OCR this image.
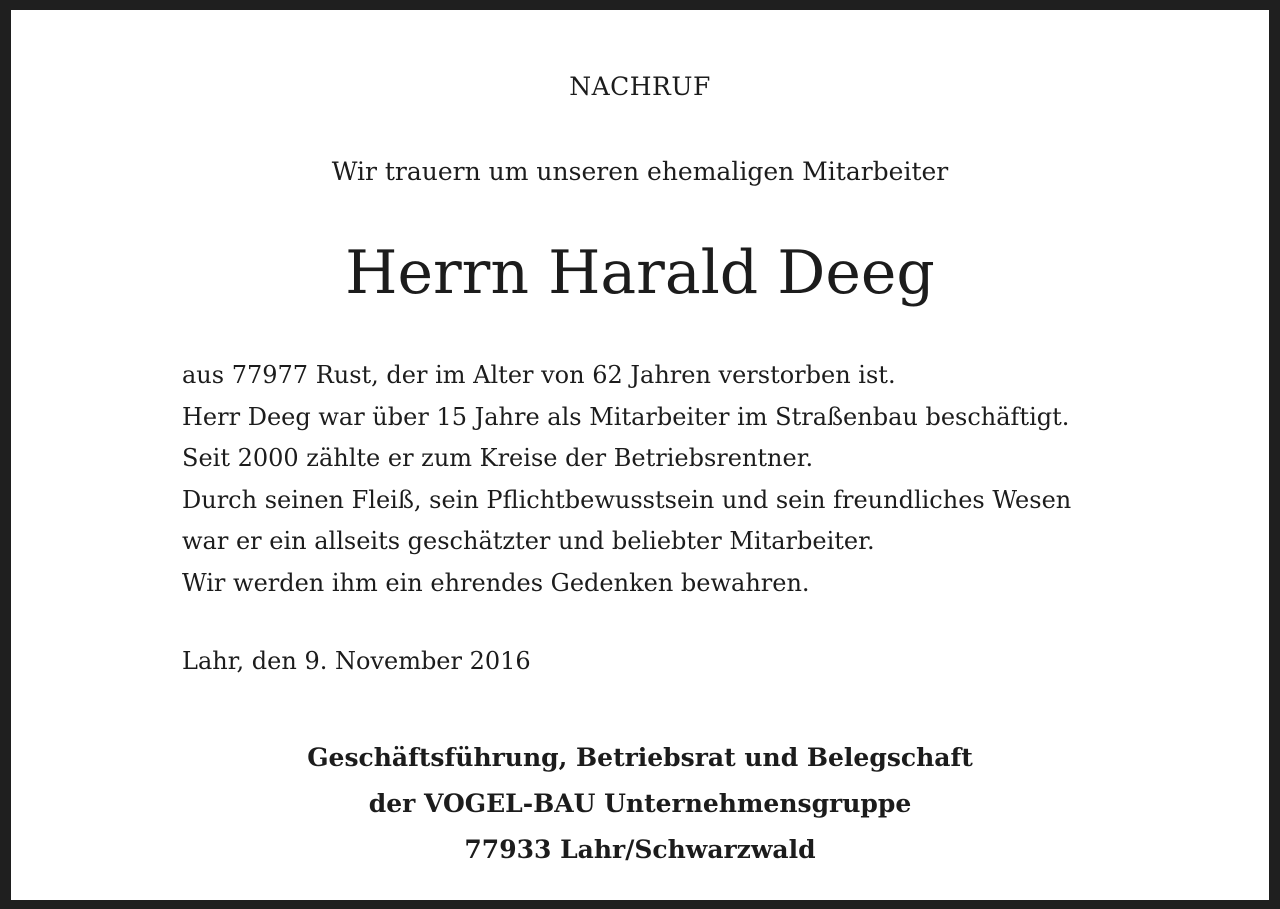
NACHRUF
Wir trauern um unseren ehemaligen Mitarbeiter
Herrn Harald Deeg

aus 77977 Rust, der im Alter von 62 Jahren verstorben ist.

Herr Deeg war über 15 Jahre als Mitarbeiter im Straßenbau beschäftigt.

Seit 2000 zählte er zum Kreise der Betriebsrentner.

Durch seinen Fleiß, sein Pflichtbewusstsein und sein freundliches Wesen

war er ein allseits geschätzter und beliebter Mitarbeiter.

Wir werden ihm ein ehrendes Gedenken bewahren.

Lahr, den 9. November 2016

Geschäftsführung, Betriebsrat und Belegschaft

der VOGEL-BAU Unternehmensgruppe

77933 Lahr/Schwarzwald
